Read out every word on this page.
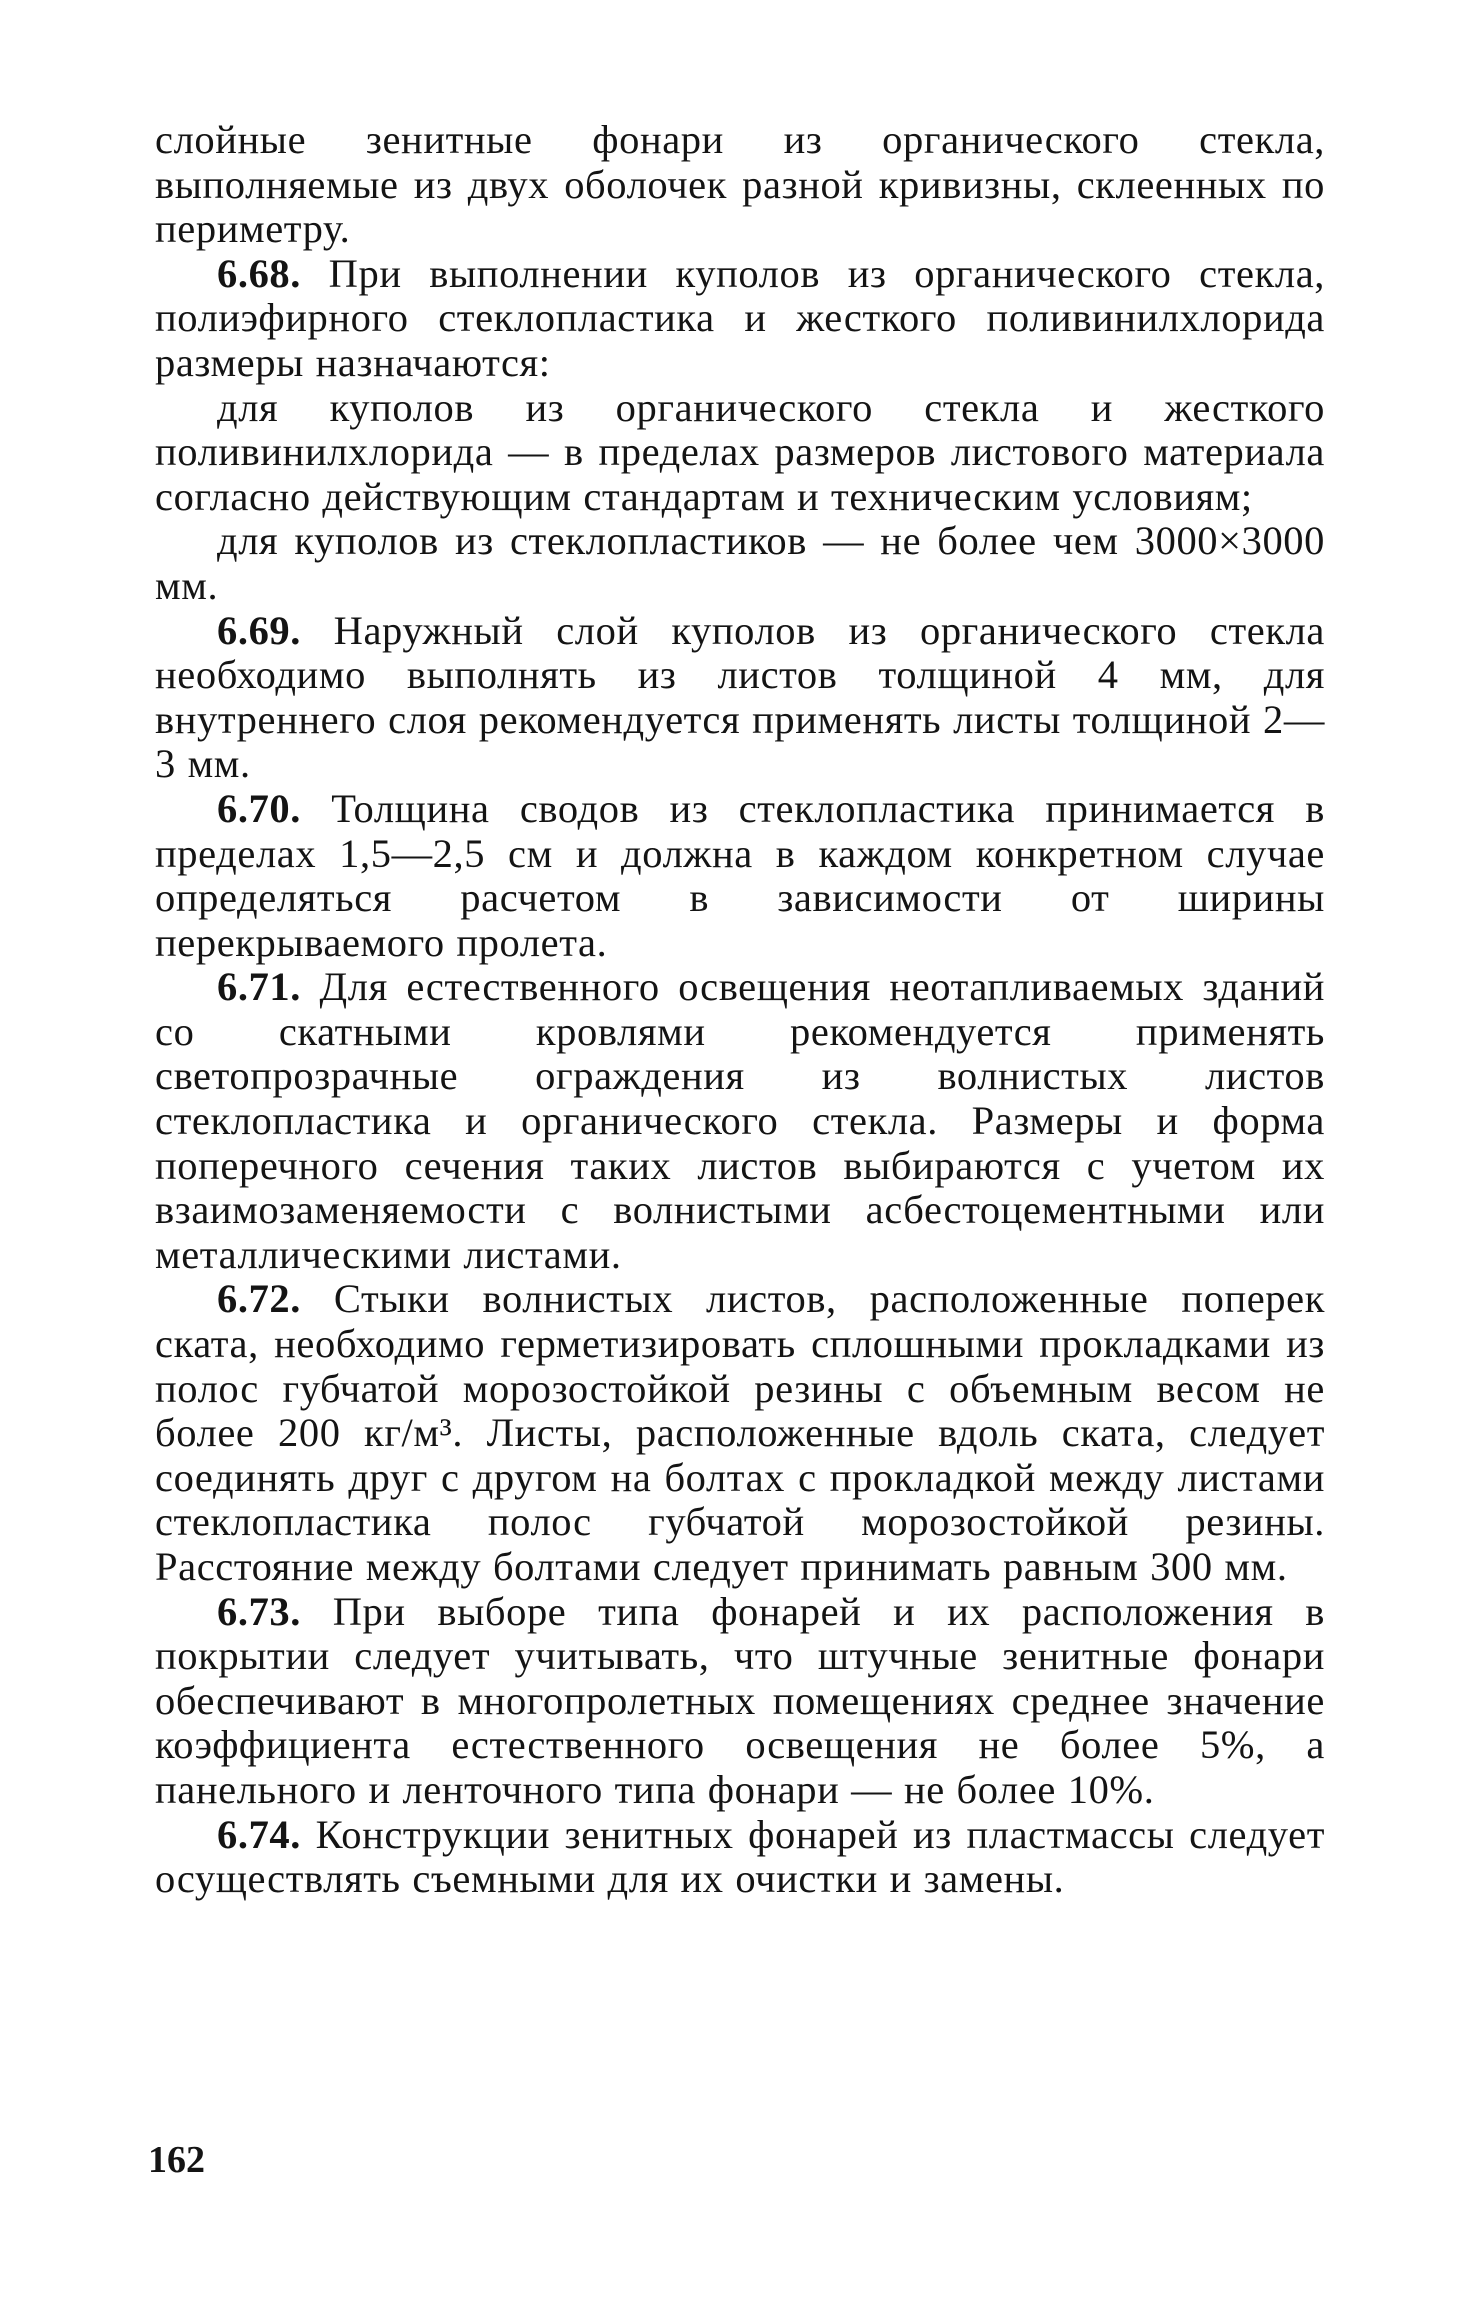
слойные зенитные фонари из органического стекла, выполняемые из двух оболочек разной кривизны, склеенных по периметру.

6.68. При выполнении куполов из органического стекла, полиэфирного стеклопластика и жесткого поливинилхлорида размеры назначаются:

для куполов из органического стекла и жесткого поливинилхлорида — в пределах размеров листового материала согласно действующим стандартам и техническим условиям;

для куполов из стеклопластиков — не более чем 3000×3000 мм.

6.69. Наружный слой куполов из органического стекла необходимо выполнять из листов толщиной 4 мм, для внутреннего слоя рекомендуется применять листы толщиной 2—3 мм.

6.70. Толщина сводов из стеклопластика принимается в пределах 1,5—2,5 см и должна в каждом конкретном случае определяться расчетом в зависимости от ширины перекрываемого пролета.

6.71. Для естественного освещения неотапливаемых зданий со скатными кровлями рекомендуется применять светопрозрачные ограждения из волнистых листов стеклопластика и органического стекла. Размеры и форма поперечного сечения таких листов выбираются с учетом их взаимозаменяемости с волнистыми асбестоцементными или металлическими листами.

6.72. Стыки волнистых листов, расположенные поперек ската, необходимо герметизировать сплошными прокладками из полос губчатой морозостойкой резины с объемным весом не более 200 кг/м³. Листы, расположенные вдоль ската, следует соединять друг с другом на болтах с прокладкой между листами стеклопластика полос губчатой морозостойкой резины. Расстояние между болтами следует принимать равным 300 мм.

6.73. При выборе типа фонарей и их расположения в покрытии следует учитывать, что штучные зенитные фонари обеспечивают в многопролетных помещениях среднее значение коэффициента естественного освещения не более 5%, а панельного и ленточного типа фонари — не более 10%.

6.74. Конструкции зенитных фонарей из пластмассы следует осуществлять съемными для их очистки и замены.

162
